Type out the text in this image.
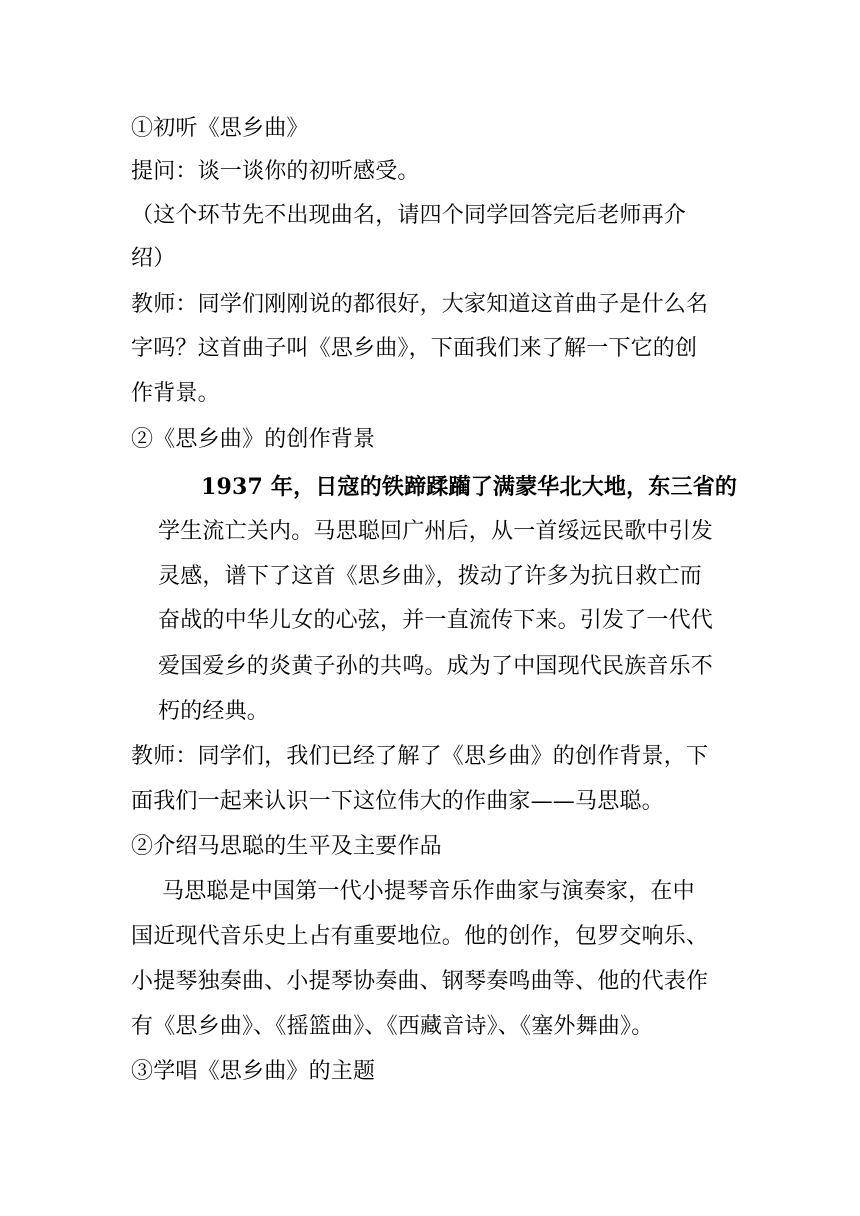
①初听《思乡曲》
提问：谈一谈你的初听感受。
（这个环节先不出现曲名，请四个同学回答完后老师再介
绍）
教师：同学们刚刚说的都很好，大家知道这首曲子是什么名
字吗？这首曲子叫《思乡曲》，下面我们来了解一下它的创
作背景。
②《思乡曲》的创作背景
1937 年，日寇的铁蹄蹂躏了满蒙华北大地，东三省的
学生流亡关内。马思聪回广州后，从一首绥远民歌中引发
灵感，谱下了这首《思乡曲》，拨动了许多为抗日救亡而
奋战的中华儿女的心弦，并一直流传下来。引发了一代代
爱国爱乡的炎黄子孙的共鸣。成为了中国现代民族音乐不
朽的经典。
教师：同学们，我们已经了解了《思乡曲》的创作背景，下
面我们一起来认识一下这位伟大的作曲家——马思聪。
②介绍马思聪的生平及主要作品
马思聪是中国第一代小提琴音乐作曲家与演奏家，在中
国近现代音乐史上占有重要地位。他的创作，包罗交响乐、
小提琴独奏曲、小提琴协奏曲、钢琴奏鸣曲等、他的代表作
有《思乡曲》、《摇篮曲》、《西藏音诗》、《塞外舞曲》。
③学唱《思乡曲》的主题
